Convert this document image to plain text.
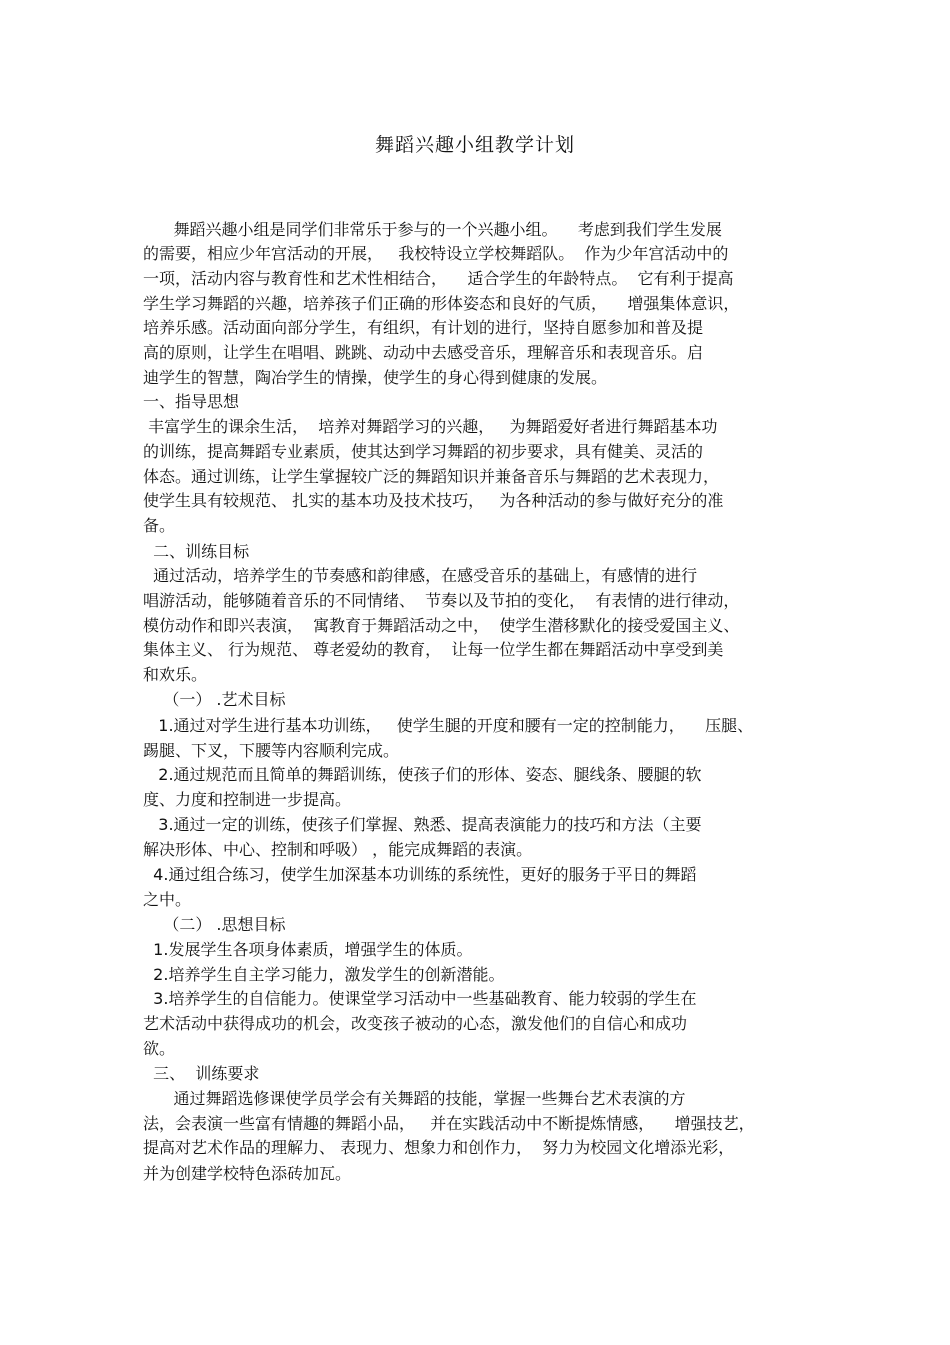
舞蹈兴趣小组教学计划
舞蹈兴趣小组是同学们非常乐于参与的一个兴趣小组。    考虑到我们学生发展
的需要，相应少年宫活动的开展，   我校特设立学校舞蹈队。  作为少年宫活动中的
一项，活动内容与教育性和艺术性相结合，    适合学生的年龄特点。  它有利于提高
学生学习舞蹈的兴趣，培养孩子们正确的形体姿态和良好的气质，    增强集体意识，
培养乐感。活动面向部分学生，有组织，有计划的进行，坚持自愿参加和普及提
高的原则，让学生在唱唱、跳跳、动动中去感受音乐，理解音乐和表现音乐。启
迪学生的智慧，陶冶学生的情操，使学生的身心得到健康的发展。
一、指导思想
丰富学生的课余生活，  培养对舞蹈学习的兴趣，   为舞蹈爱好者进行舞蹈基本功
的训练，提高舞蹈专业素质，使其达到学习舞蹈的初步要求，具有健美、灵活的
体态。通过训练，让学生掌握较广泛的舞蹈知识并兼备音乐与舞蹈的艺术表现力，
使学生具有较规范、 扎实的基本功及技术技巧，   为各种活动的参与做好充分的准
备。
二、训练目标
通过活动，培养学生的节奏感和韵律感，在感受音乐的基础上，有感情的进行
唱游活动，能够随着音乐的不同情绪、  节奏以及节拍的变化，  有表情的进行律动，
模仿动作和即兴表演，  寓教育于舞蹈活动之中，  使学生潜移默化的接受爱国主义、
集体主义、 行为规范、 尊老爱幼的教育，  让每一位学生都在舞蹈活动中享受到美
和欢乐。
（一） .艺术目标
1.通过对学生进行基本功训练，   使学生腿的开度和腰有一定的控制能力，    压腿、
踢腿、下叉，下腰等内容顺利完成。
2.通过规范而且简单的舞蹈训练，使孩子们的形体、姿态、腿线条、腰腿的软
度、力度和控制进一步提高。
3.通过一定的训练，使孩子们掌握、熟悉、提高表演能力的技巧和方法（主要
解决形体、中心、控制和呼吸） ，能完成舞蹈的表演。
4.通过组合练习，使学生加深基本功训练的系统性，更好的服务于平日的舞蹈
之中。
（二） .思想目标
1.发展学生各项身体素质，增强学生的体质。
2.培养学生自主学习能力，激发学生的创新潜能。
3.培养学生的自信能力。使课堂学习活动中一些基础教育、能力较弱的学生在
艺术活动中获得成功的机会，改变孩子被动的心态，激发他们的自信心和成功
欲。
三、  训练要求
通过舞蹈选修课使学员学会有关舞蹈的技能，掌握一些舞台艺术表演的方
法，会表演一些富有情趣的舞蹈小品，   并在实践活动中不断提炼情感，    增强技艺，
提高对艺术作品的理解力、 表现力、想象力和创作力，  努力为校园文化增添光彩，
并为创建学校特色添砖加瓦。
